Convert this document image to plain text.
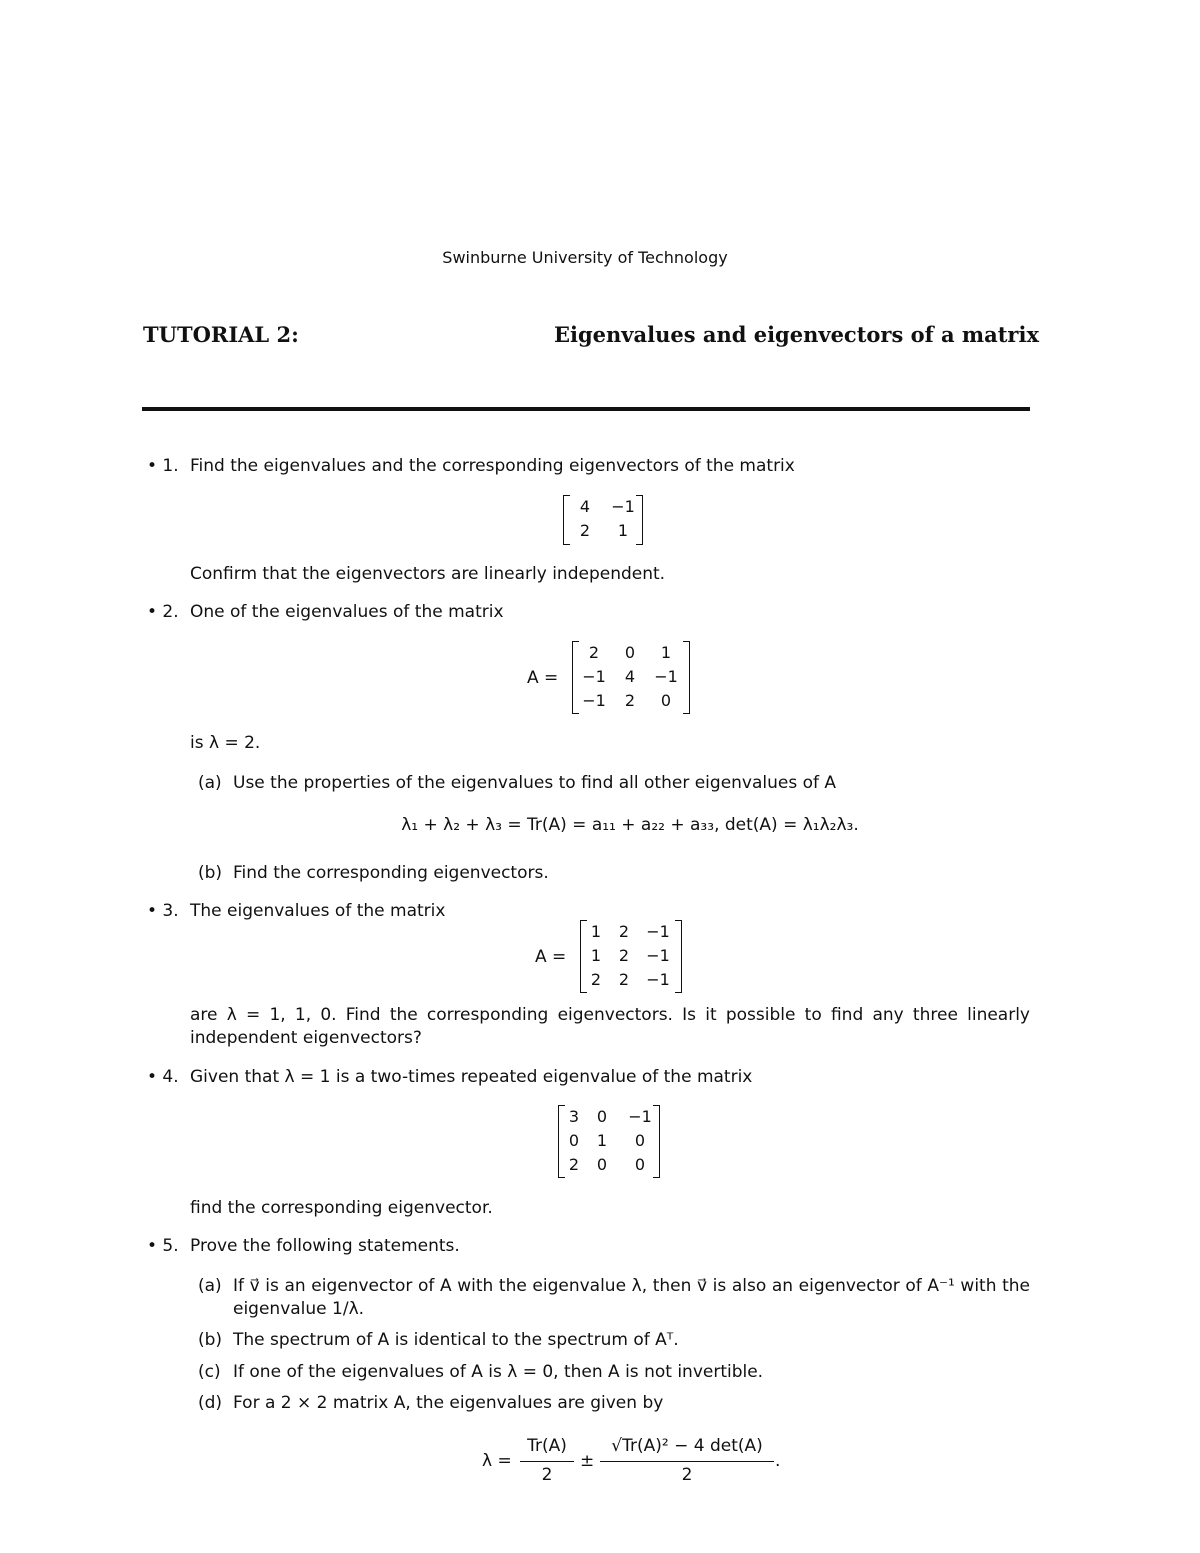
Swinburne University of Technology
TUTORIAL 2:	Eigenvalues and eigenvectors of a matrix
• 1. Find the eigenvalues and the corresponding eigenvectors of the matrix
4	−1
2	1
Confirm that the eigenvectors are linearly independent.
• 2. One of the eigenvalues of the matrix
A =
2	0	1
−1	4	−1
−1	2	0
is λ = 2.
(a) Use the properties of the eigenvalues to find all other eigenvalues of A
λ₁ + λ₂ + λ₃ = Tr(A) = a₁₁ + a₂₂ + a₃₃, det(A) = λ₁λ₂λ₃.
(b) Find the corresponding eigenvectors.
• 3. The eigenvalues of the matrix
A =
1	2	−1
1	2	−1
2	2	−1
are λ = 1, 1, 0. Find the corresponding eigenvectors. Is it possible to find any three linearly
independent eigenvectors?
• 4. Given that λ = 1 is a two-times repeated eigenvalue of the matrix
3	0	−1
0	1	0
2	0	0
find the corresponding eigenvector.
• 5. Prove the following statements.
(a) If v⃗ is an eigenvector of A with the eigenvalue λ, then v⃗ is also an eigenvector of A⁻¹ with the
eigenvalue 1/λ.
(b) The spectrum of A is identical to the spectrum of Aᵀ.
(c) If one of the eigenvalues of A is λ = 0, then A is not invertible.
(d) For a 2 × 2 matrix A, the eigenvalues are given by
λ =
Tr(A)
2
±
√Tr(A)² − 4 det(A)
2
.
